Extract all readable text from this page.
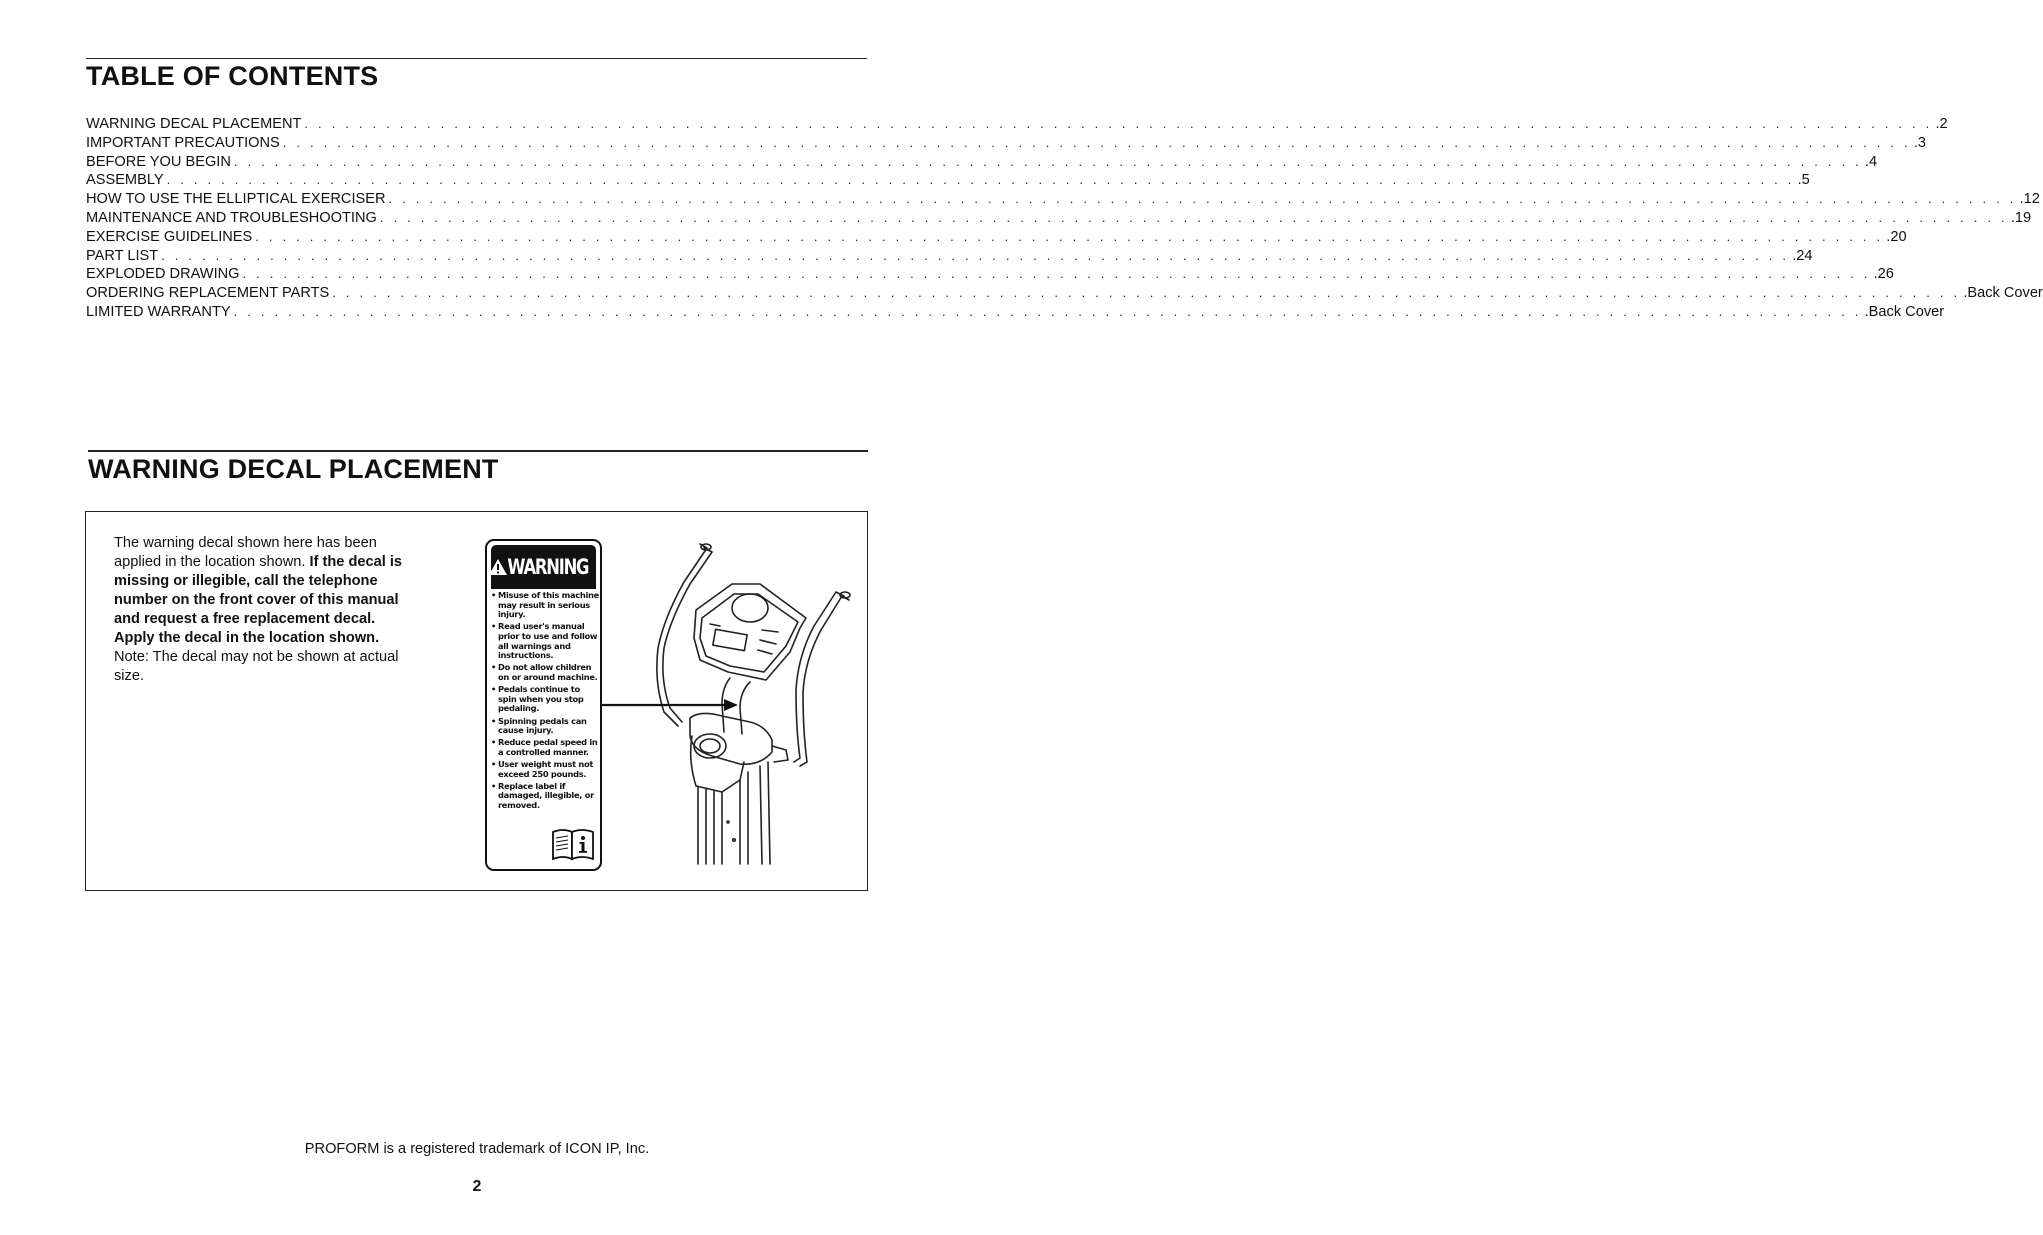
TABLE OF CONTENTS
WARNING DECAL PLACEMENT . . . . . . . . . . . . . . . . . . . . . . . . . . . . . . . . . . . . . . . . . . . . . . . . . . . . . . . . . . . . . . . . . . . . . . . . . . . . . . . . . . . . . . . . . . . . . . . . . . . . . . . . . . . . . . . . . . . . . . . . .2
IMPORTANT PRECAUTIONS . . . . . . . . . . . . . . . . . . . . . . . . . . . . . . . . . . . . . . . . . . . . . . . . . . . . . . . . . . . . . . . . . . . . . . . . . . . . . . . . . . . . . . . . . . . . . . . . . . . . . . . . . . . . . . . . . . . . . . . . .3
BEFORE YOU BEGIN . . . . . . . . . . . . . . . . . . . . . . . . . . . . . . . . . . . . . . . . . . . . . . . . . . . . . . . . . . . . . . . . . . . . . . . . . . . . . . . . . . . . . . . . . . . . . . . . . . . . . . . . . . . . . . . . . . . . . . . . .4
ASSEMBLY . . . . . . . . . . . . . . . . . . . . . . . . . . . . . . . . . . . . . . . . . . . . . . . . . . . . . . . . . . . . . . . . . . . . . . . . . . . . . . . . . . . . . . . . . . . . . . . . . . . . . . . . . . . . . . . . . . . . . . . . .5
HOW TO USE THE ELLIPTICAL EXERCISER . . . . . . . . . . . . . . . . . . . . . . . . . . . . . . . . . . . . . . . . . . . . . . . . . . . . . . . . . . . . . . . . . . . . . . . . . . . . . . . . . . . . . . . . . . . . . . . . . . . . . . . . . . . . . . . . . . . . . . . . .12
MAINTENANCE AND TROUBLESHOOTING . . . . . . . . . . . . . . . . . . . . . . . . . . . . . . . . . . . . . . . . . . . . . . . . . . . . . . . . . . . . . . . . . . . . . . . . . . . . . . . . . . . . . . . . . . . . . . . . . . . . . . . . . . . . . . . . . . . . . . . . .19
EXERCISE GUIDELINES . . . . . . . . . . . . . . . . . . . . . . . . . . . . . . . . . . . . . . . . . . . . . . . . . . . . . . . . . . . . . . . . . . . . . . . . . . . . . . . . . . . . . . . . . . . . . . . . . . . . . . . . . . . . . . . . . . . . . . . . .20
PART LIST . . . . . . . . . . . . . . . . . . . . . . . . . . . . . . . . . . . . . . . . . . . . . . . . . . . . . . . . . . . . . . . . . . . . . . . . . . . . . . . . . . . . . . . . . . . . . . . . . . . . . . . . . . . . . . . . . . . . . . . . .24
EXPLODED DRAWING . . . . . . . . . . . . . . . . . . . . . . . . . . . . . . . . . . . . . . . . . . . . . . . . . . . . . . . . . . . . . . . . . . . . . . . . . . . . . . . . . . . . . . . . . . . . . . . . . . . . . . . . . . . . . . . . . . . . . . . . .26
ORDERING REPLACEMENT PARTS . . . . . . . . . . . . . . . . . . . . . . . . . . . . . . . . . . . . . . . . . . . . . . . . . . . . . . . . . . . . . . . . . . . . . . . . . . . . . . . . . . . . . . . . . . . . . . . . . . . . . . . . . . . . . . . . . . . . . . . . .Back Cover
LIMITED WARRANTY . . . . . . . . . . . . . . . . . . . . . . . . . . . . . . . . . . . . . . . . . . . . . . . . . . . . . . . . . . . . . . . . . . . . . . . . . . . . . . . . . . . . . . . . . . . . . . . . . . . . . . . . . . . . . . . . . . . . . . . . .Back Cover
WARNING DECAL PLACEMENT
The warning decal shown here has been applied in the location shown. If the decal is missing or illegible, call the telephone number on the front cover of this manual and request a free replacement decal. Apply the decal in the location shown. Note: The decal may not be shown at actual size.
WARNING
• Misuse of this machine may result in serious injury.
• Read user's manual prior to use and follow all warnings and instructions.
• Do not allow children on or around machine.
• Pedals continue to spin when you stop pedaling.
• Spinning pedals can cause injury.
• Reduce pedal speed in a controlled manner.
• User weight must not exceed 250 pounds.
• Replace label if damaged, illegible, or removed.
PROFORM is a registered trademark of ICON IP, Inc.
2
